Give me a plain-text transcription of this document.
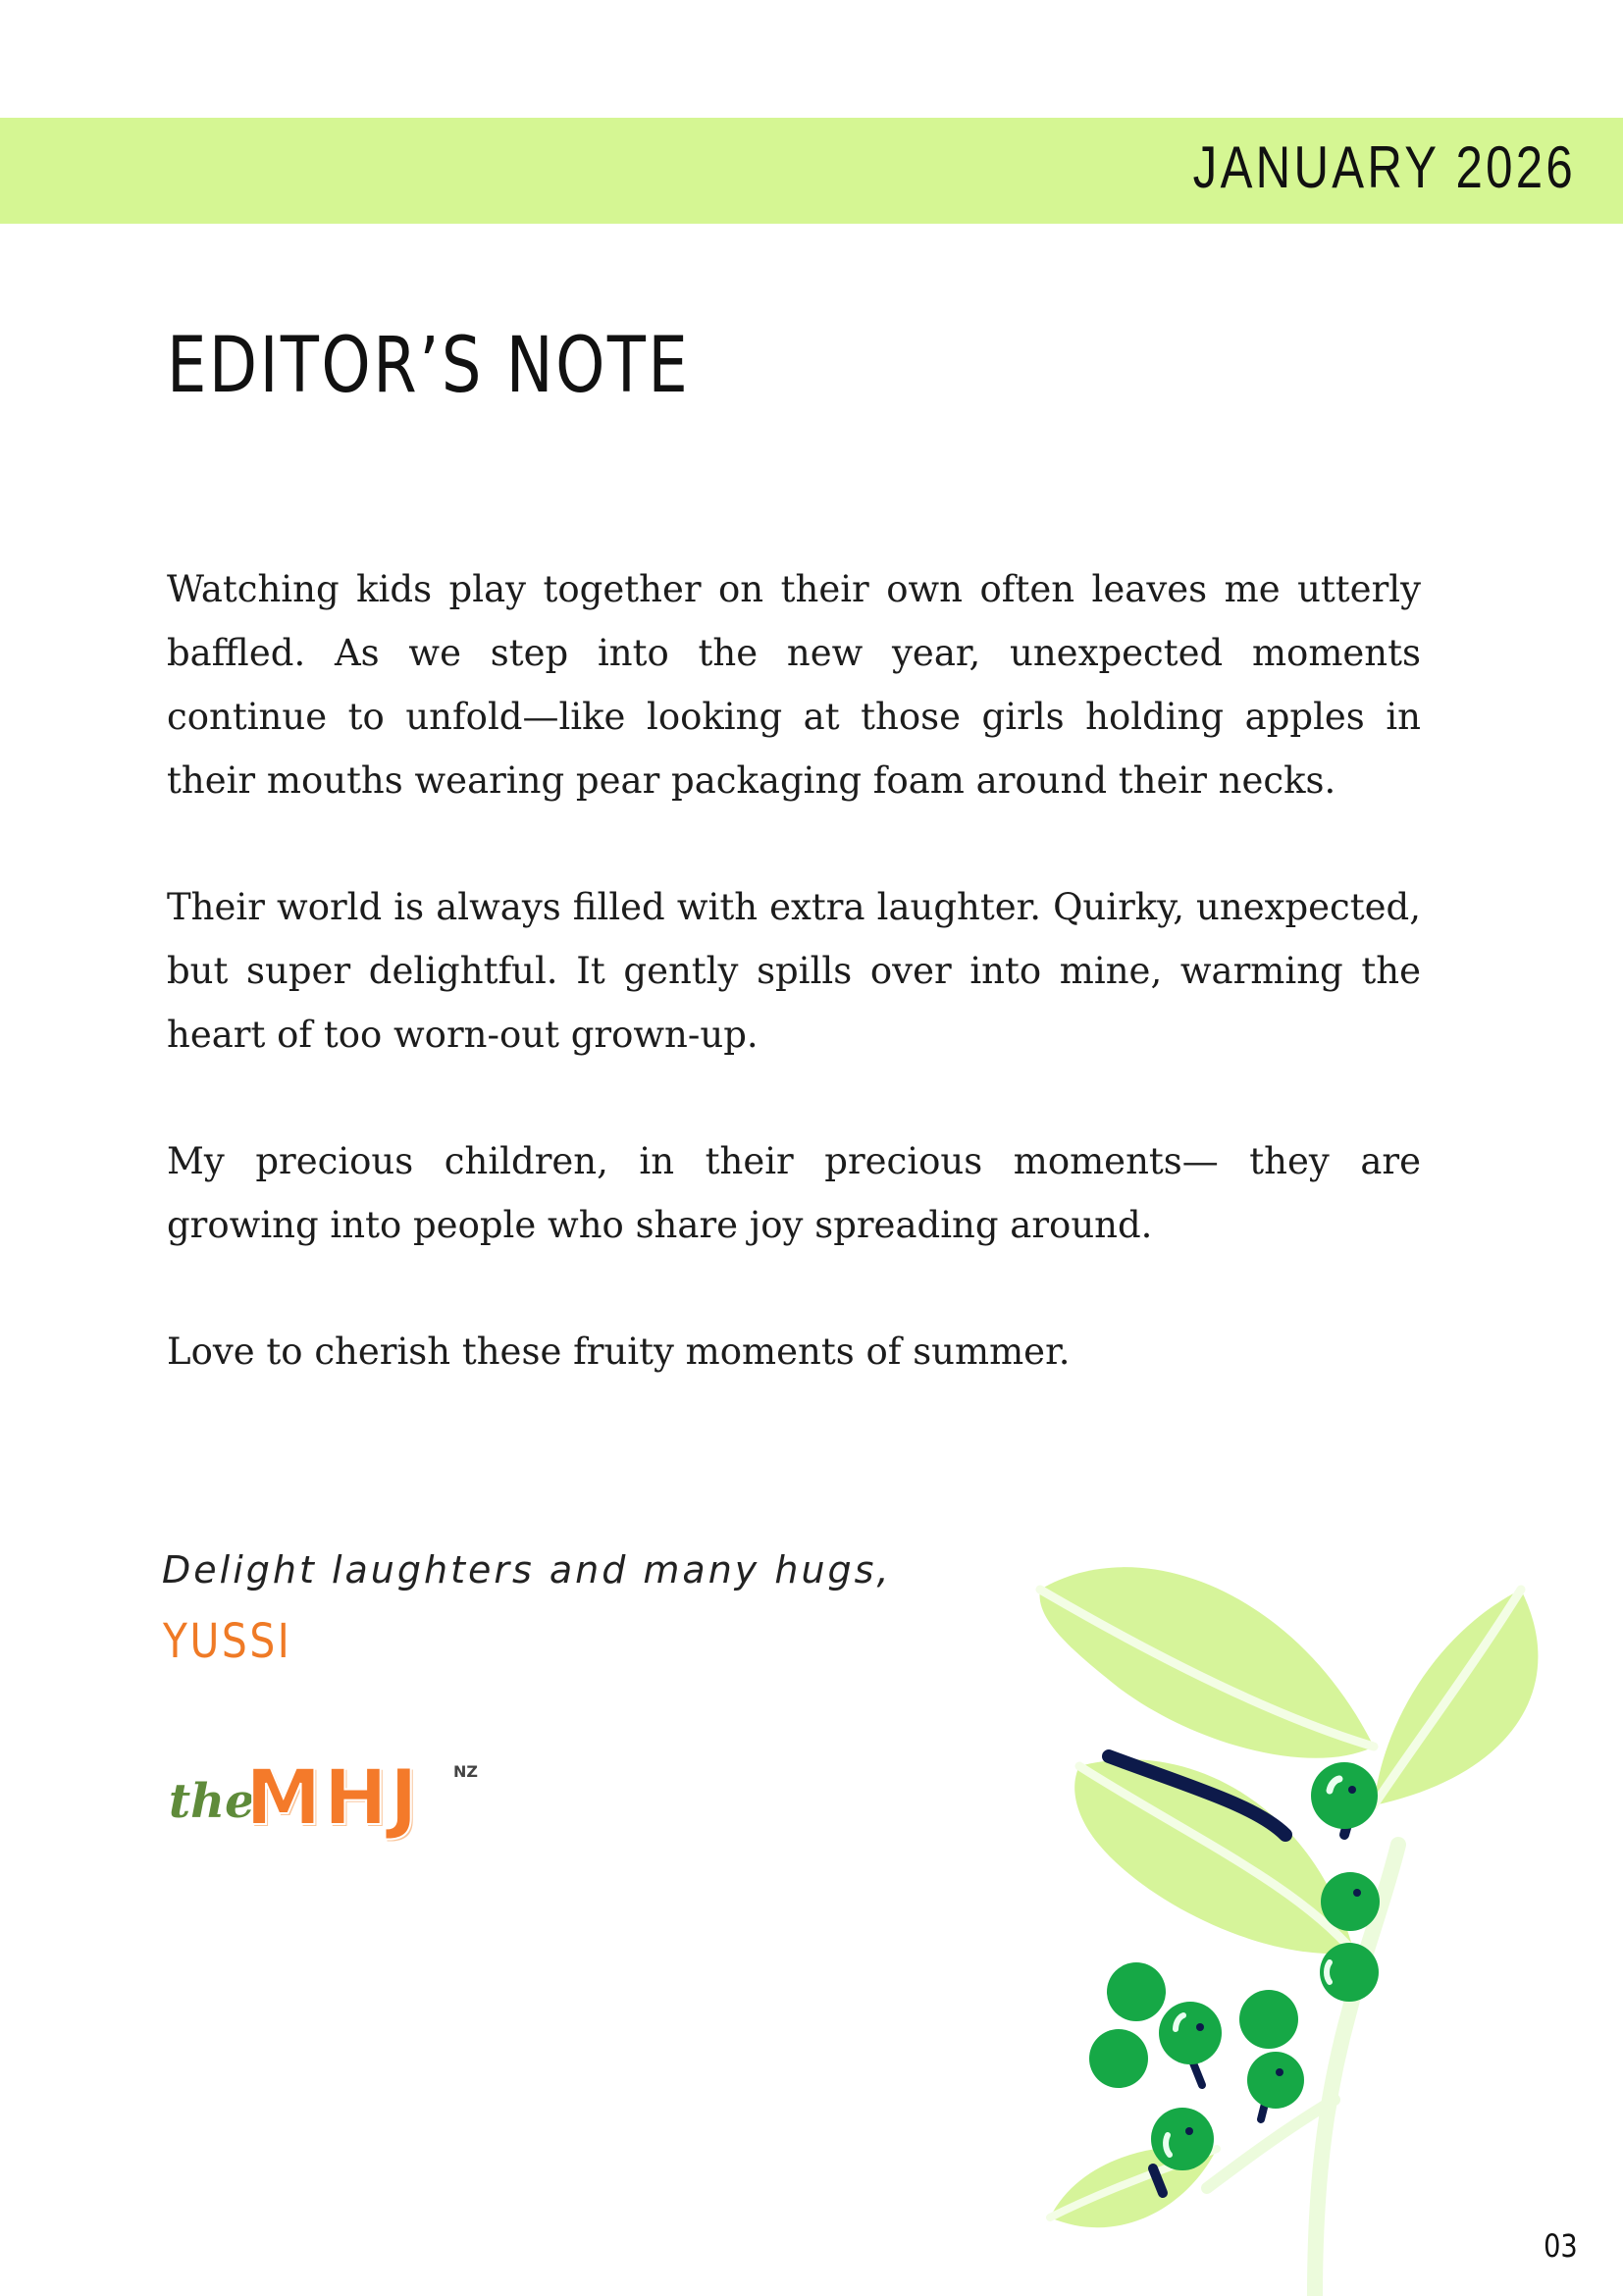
JANUARY 2026
EDITOR’S NOTE

Watching kids play together on their own often leaves me utterly baffled. As we step into the new year, unexpected moments continue to unfold—like looking at those girls holding apples in their mouths wearing pear packaging foam around their necks.

Their world is always filled with extra laughter. Quirky, unexpected, but super delightful. It gently spills over into mine, warming the heart of too worn-out grown-up.

My precious children, in their precious moments— they are growing into people who share joy spreading around.

Love to cherish these fruity moments of summer.

Delight laughters and many hugs,
YUSSI
the
MHJ NZ
03
